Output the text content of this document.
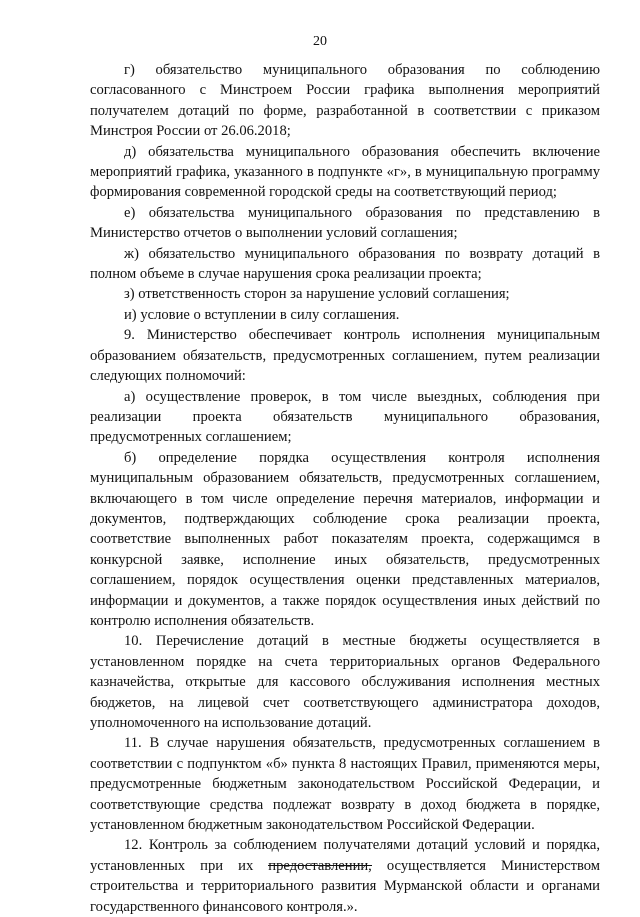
20

г) обязательство муниципального образования по соблюдению согласованного с Минстроем России графика выполнения мероприятий получателем дотаций по форме, разработанной в соответствии с приказом Минстроя России от 26.06.2018;

д) обязательства муниципального образования обеспечить включение мероприятий графика, указанного в подпункте «г», в муниципальную программу формирования современной городской среды на соответствующий период;

е) обязательства муниципального образования по представлению в Министерство отчетов о выполнении условий соглашения;

ж) обязательство муниципального образования по возврату дотаций в полном объеме в случае нарушения срока реализации проекта;

з) ответственность сторон за нарушение условий соглашения;

и) условие о вступлении в силу соглашения.

9. Министерство обеспечивает контроль исполнения муниципальным образованием обязательств, предусмотренных соглашением, путем реализации следующих полномочий:

а) осуществление проверок, в том числе выездных, соблюдения при реализации проекта обязательств муниципального образования, предусмотренных соглашением;

б) определение порядка осуществления контроля исполнения муниципальным образованием обязательств, предусмотренных соглашением, включающего в том числе определение перечня материалов, информации и документов, подтверждающих соблюдение срока реализации проекта, соответствие выполненных работ показателям проекта, содержащимся в конкурсной заявке, исполнение иных обязательств, предусмотренных соглашением, порядок осуществления оценки представленных материалов, информации и документов, а также порядок осуществления иных действий по контролю исполнения обязательств.

10. Перечисление дотаций в местные бюджеты осуществляется в установленном порядке на счета территориальных органов Федерального казначейства, открытые для кассового обслуживания исполнения местных бюджетов, на лицевой счет соответствующего администратора доходов, уполномоченного на использование дотаций.

11. В случае нарушения обязательств, предусмотренных соглашением в соответствии с подпунктом «б» пункта 8 настоящих Правил, применяются меры, предусмотренные бюджетным законодательством Российской Федерации, и соответствующие средства подлежат возврату в доход бюджета в порядке, установленном бюджетным законодательством Российской Федерации.

12. Контроль за соблюдением получателями дотаций условий и порядка, установленных при их предоставлении, осуществляется Министерством строительства и территориального развития Мурманской области и органами государственного финансового контроля.».
